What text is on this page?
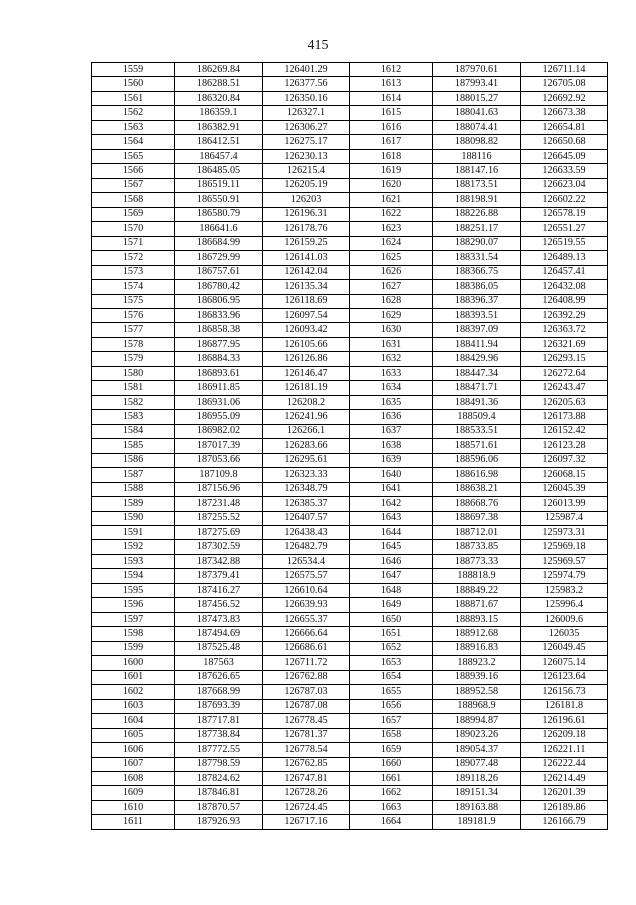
415
1559	186269.84	126401.29	1612	187970.61	126711.14
1560	186288.51	126377.56	1613	187993.41	126705.08
1561	186320.84	126350.16	1614	188015.27	126692.92
1562	186359.1	126327.1	1615	188041.63	126673.38
1563	186382.91	126306.27	1616	188074.41	126654.81
1564	186412.51	126275.17	1617	188098.82	126650.68
1565	186457.4	126230.13	1618	188116	126645.09
1566	186485.05	126215.4	1619	188147.16	126633.59
1567	186519.11	126205.19	1620	188173.51	126623.04
1568	186550.91	126203	1621	188198.91	126602.22
1569	186580.79	126196.31	1622	188226.88	126578.19
1570	186641.6	126178.76	1623	188251.17	126551.27
1571	186684.99	126159.25	1624	188290.07	126519.55
1572	186729.99	126141.03	1625	188331.54	126489.13
1573	186757.61	126142.04	1626	188366.75	126457.41
1574	186780.42	126135.34	1627	188386.05	126432.08
1575	186806.95	126118.69	1628	188396.37	126408.99
1576	186833.96	126097.54	1629	188393.51	126392.29
1577	186858.38	126093.42	1630	188397.09	126363.72
1578	186877.95	126105.66	1631	188411.94	126321.69
1579	186884.33	126126.86	1632	188429.96	126293.15
1580	186893.61	126146.47	1633	188447.34	126272.64
1581	186911.85	126181.19	1634	188471.71	126243.47
1582	186931.06	126208.2	1635	188491.36	126205.63
1583	186955.09	126241.96	1636	188509.4	126173.88
1584	186982.02	126266.1	1637	188533.51	126152.42
1585	187017.39	126283.66	1638	188571.61	126123.28
1586	187053.66	126295.61	1639	188596.06	126097.32
1587	187109.8	126323.33	1640	188616.98	126068.15
1588	187156.96	126348.79	1641	188638.21	126045.39
1589	187231.48	126385.37	1642	188668.76	126013.99
1590	187255.52	126407.57	1643	188697.38	125987.4
1591	187275.69	126438.43	1644	188712.01	125973.31
1592	187302.59	126482.79	1645	188733.85	125969.18
1593	187342.88	126534.4	1646	188773.33	125969.57
1594	187379.41	126575.57	1647	188818.9	125974.79
1595	187416.27	126610.64	1648	188849.22	125983.2
1596	187456.52	126639.93	1649	188871.67	125996.4
1597	187473.83	126655.37	1650	188893.15	126009.6
1598	187494.69	126666.64	1651	188912.68	126035
1599	187525.48	126686.61	1652	188916.83	126049.45
1600	187563	126711.72	1653	188923.2	126075.14
1601	187626.65	126762.88	1654	188939.16	126123.64
1602	187668.99	126787.03	1655	188952.58	126156.73
1603	187693.39	126787.08	1656	188968.9	126181.8
1604	187717.81	126778.45	1657	188994.87	126196.61
1605	187738.84	126781.37	1658	189023.26	126209.18
1606	187772.55	126778.54	1659	189054.37	126221.11
1607	187798.59	126762.85	1660	189077.48	126222.44
1608	187824.62	126747.81	1661	189118.26	126214.49
1609	187846.81	126728.26	1662	189151.34	126201.39
1610	187870.57	126724.45	1663	189163.88	126189.86
1611	187926.93	126717.16	1664	189181.9	126166.79
